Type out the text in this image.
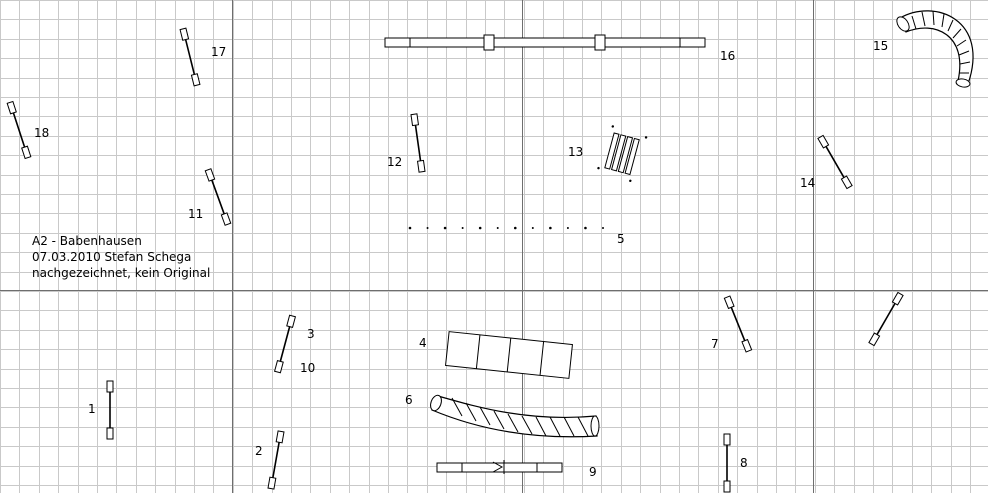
1
2
3
4
5
6
7
8
9
10
11
12
13
14
15
16
17
18
A2 - Babenhausen
07.03.2010 Stefan Schega
nachgezeichnet, kein Original
